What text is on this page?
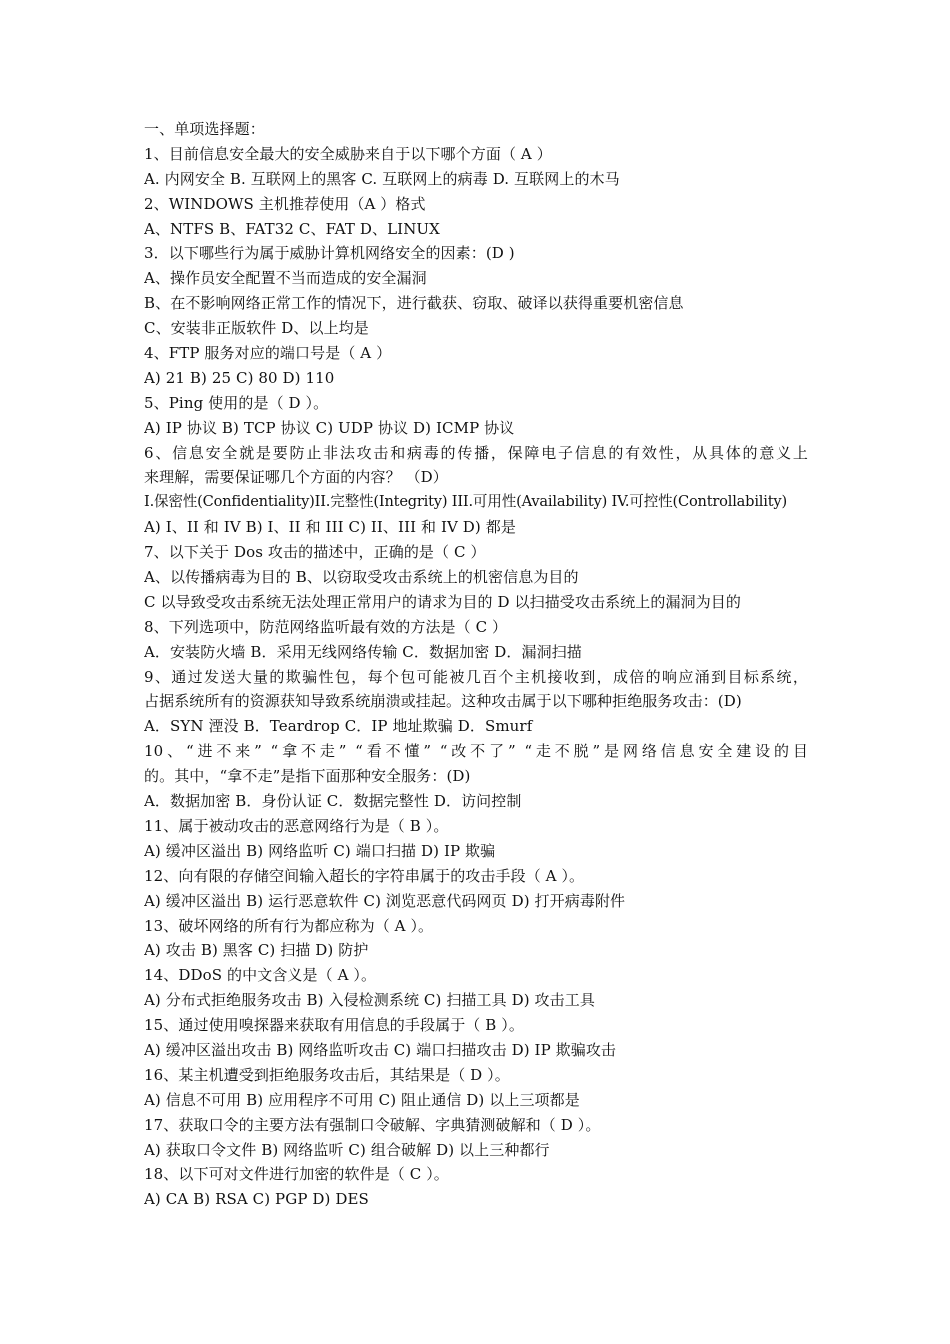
一、单项选择题：
1、目前信息安全最大的安全威胁来自于以下哪个方面（ A ）
A. 内网安全 B. 互联网上的黑客 C. 互联网上的病毒 D. 互联网上的木马
2、WINDOWS 主机推荐使用（A ）格式
A、NTFS B、FAT32 C、FAT D、LINUX
3．以下哪些行为属于威胁计算机网络安全的因素：(D )
A、操作员安全配置不当而造成的安全漏洞
B、在不影响网络正常工作的情况下，进行截获、窃取、破译以获得重要机密信息
C、安装非正版软件 D、以上均是
4、FTP 服务对应的端口号是（ A ）
A) 21 B) 25 C) 80 D) 110
5、Ping 使用的是（ D ）。
A) IP 协议 B) TCP 协议 C) UDP 协议 D) ICMP 协议
6、信息安全就是要防止非法攻击和病毒的传播，保障电子信息的有效性，从具体的意义上
来理解，需要保证哪几个方面的内容？ （D）
I.保密性(Confidentiality)II.完整性(Integrity) III.可用性(Availability) IV.可控性(Controllability)
A) I、II 和 IV B) I、II 和 III C) II、III 和 IV D) 都是
7、以下关于 Dos 攻击的描述中，正确的是（ C ）
A、以传播病毒为目的 B、以窃取受攻击系统上的机密信息为目的
C 以导致受攻击系统无法处理正常用户的请求为目的 D 以扫描受攻击系统上的漏洞为目的
8、下列选项中，防范网络监听最有效的方法是（ C ）
A．安装防火墙 B．采用无线网络传输 C．数据加密 D．漏洞扫描
9、通过发送大量的欺骗性包，每个包可能被几百个主机接收到，成倍的响应涌到目标系统，
占据系统所有的资源获知导致系统崩溃或挂起。这种攻击属于以下哪种拒绝服务攻击：(D)
A．SYN 湮没 B．Teardrop C．IP 地址欺骗 D．Smurf
10、“进不来” “拿不走” “看不懂” “改不了” “走不脱”是网络信息安全建设的目
的。其中，“拿不走”是指下面那种安全服务：(D)
A．数据加密 B．身份认证 C．数据完整性 D．访问控制
11、属于被动攻击的恶意网络行为是（ B ）。
A) 缓冲区溢出 B) 网络监听 C) 端口扫描 D) IP 欺骗
12、向有限的存储空间输入超长的字符串属于的攻击手段（ A ）。
A) 缓冲区溢出 B) 运行恶意软件 C) 浏览恶意代码网页 D) 打开病毒附件
13、破坏网络的所有行为都应称为（ A ）。
A) 攻击 B) 黑客 C) 扫描 D) 防护
14、DDoS 的中文含义是（ A ）。
A) 分布式拒绝服务攻击 B) 入侵检测系统 C) 扫描工具 D) 攻击工具
15、通过使用嗅探器来获取有用信息的手段属于（ B ）。
A) 缓冲区溢出攻击 B) 网络监听攻击 C) 端口扫描攻击 D) IP 欺骗攻击
16、某主机遭受到拒绝服务攻击后，其结果是（ D ）。
A) 信息不可用 B) 应用程序不可用 C) 阻止通信 D) 以上三项都是
17、获取口令的主要方法有强制口令破解、字典猜测破解和（ D ）。
A) 获取口令文件 B) 网络监听 C) 组合破解 D) 以上三种都行
18、以下可对文件进行加密的软件是（ C ）。
A) CA B) RSA C) PGP D) DES
